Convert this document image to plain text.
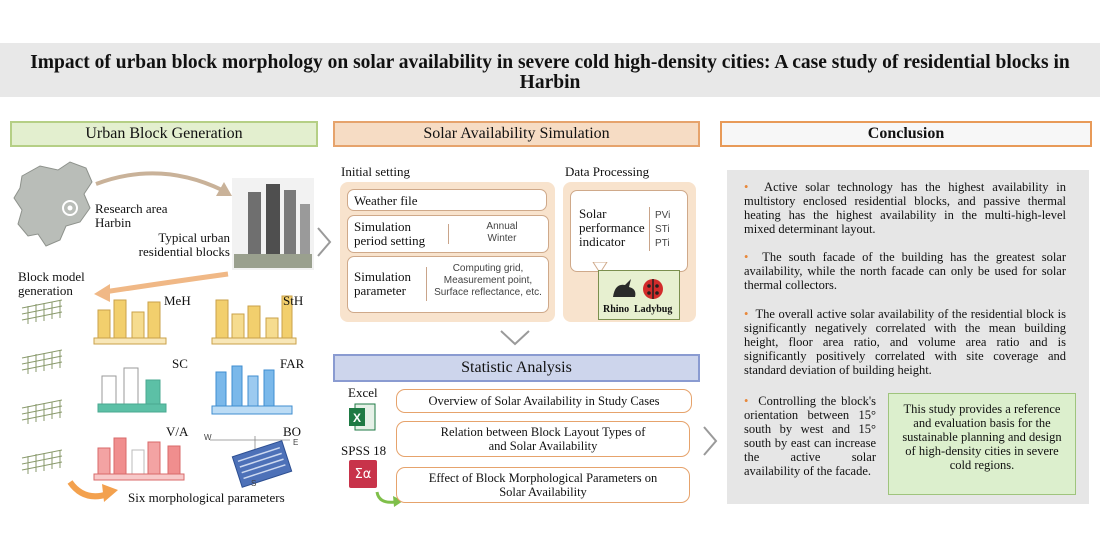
Impact of urban block morphology on solar availability in severe cold high-density cities: A case study of residential blocks in Harbin
Urban Block Generation	Solar Availability Simulation	Conclusion
Research area
Harbin
Typical urban
residential blocks
Block model
generation
MeH	StH
SC	FAR
V/A	BO
W
E
S
Six morphological parameters
Initial setting	Data Processing
Weather file
Simulation
period setting
Annual
Winter
Simulation
parameter
Computing grid,
Measurement point,
Surface reflectance, etc.
Solar
performance
indicator
PVi
STi
PTi
Rhino Ladybug
Statistic Analysis
Excel
X
SPSS 18
Σα
Overview of Solar Availability in Study Cases
Relation between Block Layout Types of and Solar Availability
Effect of Block Morphological Parameters on Solar Availability
• Active solar technology has the highest availability in multistory enclosed residential blocks, and passive thermal heating has the highest availability in the multi-high-level mixed determinant layout.
• The south facade of the building has the greatest solar availability, while the north facade can only be used for solar thermal collectors.
• The overall active solar availability of the residential block is significantly negatively correlated with the mean building height, floor area ratio, and volume area ratio and is significantly positively correlated with site coverage and standard deviation of building height.
• Controlling the block's orientation between 15° south by west and 15° south by east can increase the active solar availability of the facade.
This study provides a reference and evaluation basis for the sustainable planning and design of high-density cities in severe cold regions.
